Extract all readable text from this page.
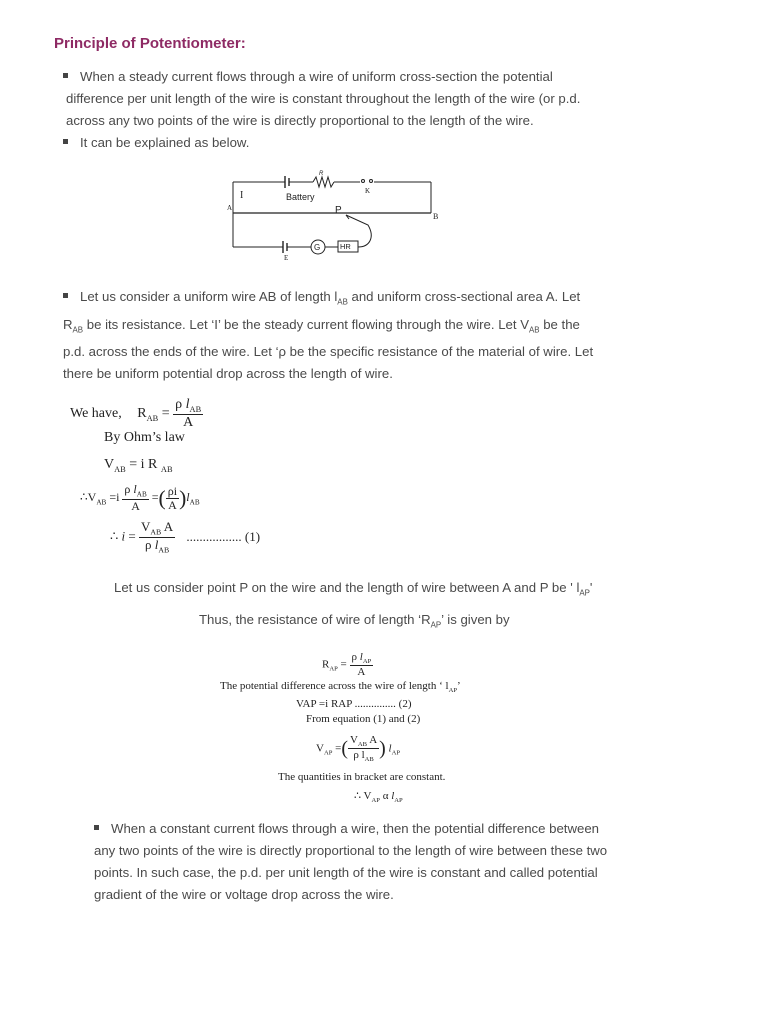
Principle of Potentiometer:
When a steady current flows through a wire of uniform cross-section the potential
difference per unit length of the wire is constant throughout the length of the wire (or p.d.
across any two points of the wire is directly proportional to the length of the wire.
It can be explained as below.
I	Battery
R
K
A
B
P
E
G	HR
Let us consider a uniform wire AB of length $l_{AB}$ and uniform cross-sectional area A. Let
$R_{AB}$ be its resistance. Let ‘I’ be the steady current flowing through the wire. Let $V_{AB}$ be the
p.d. across the ends of the wire. Let ‘ρ be the specific resistance of the material of wire. Let
there be uniform potential drop across the length of wire.
We have, $R_{AB} = \frac{\rho l_{AB}}{A}$
By Ohm’s law
$V_{AB} = i$ R $_{AB}$
$\therefore V_{AB} =i \frac{\rho l_{AB}}{A}$ =( $\frac{\rho i}{A} )l_{AB}$
∴ $i = \frac{V_{AB} A}{\rho l_{AB}}$ ................. (1)
Let us consider point P on the wire and the length of wire between A and P be ' $l_{AP}'$
Thus, the resistance of wire of length ‘$R_{AP}$’ is given by
$R_{AP} = \frac{\rho l_{AP}}{A}$
The potential difference across the wire of length ‘ $l_{AP}$’
VAP =i RAP ............... (2)
From equation (1) and (2)
$V_{AP}$ =( $\frac{V_{AB} A}{\rho l_{AB}}$ ) $l_{AP}$
The quantities in bracket are constant.
∴ $V_{AP}$ α $l_{AP}$
When a constant current flows through a wire, then the potential difference between
any two points of the wire is directly proportional to the length of wire between these two
points. In such case, the p.d. per unit length of the wire is constant and called potential
gradient of the wire or voltage drop across the wire.
